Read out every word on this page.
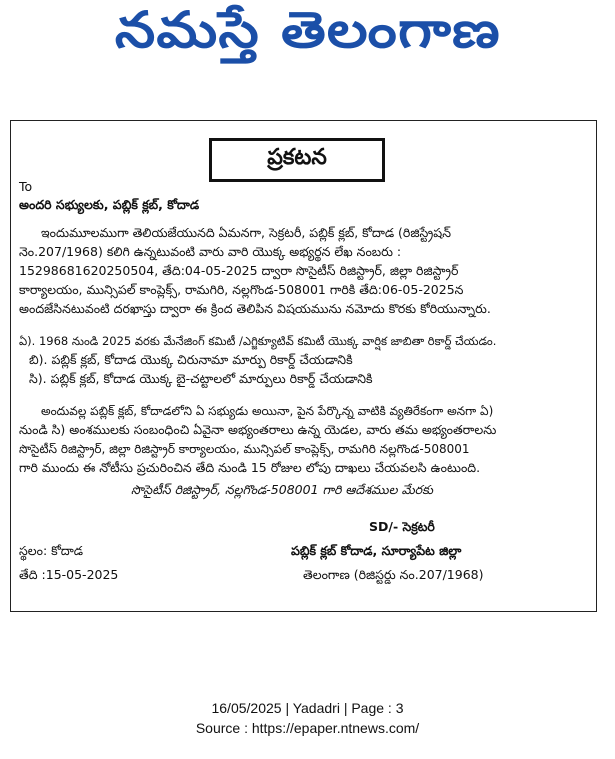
నమస్తే తెలంగాణ
ప్రకటన
To
అందరి సభ్యులకు, పబ్లిక్ క్లబ్, కోదాడ
ఇందుమూలముగా తెలియజేయునది ఏమనగా, సెక్రటరీ, పబ్లిక్ క్లబ్, కోదాడ (రిజిస్ట్రేషన్
నెం.207/1968) కలిగి ఉన్నటువంటి వారు వారి యొక్క అభ్యర్థన లేఖ నంబరు :
15298681620250504, తేది:04-05-2025 ద్వారా సొసైటీస్ రిజిస్ట్రార్, జిల్లా రిజిస్ట్రార్
కార్యాలయం, మున్సిపల్ కాంప్లెక్స్, రామగిరి, నల్లగొండ-508001 గారికి తేది:06-05-2025న
అందజేసినటువంటి దరఖాస్తు ద్వారా ఈ క్రింద తెలిపిన విషయమును నమోదు కొరకు కోరియున్నారు.
ఏ). 1968 నుండి 2025 వరకు మేనేజింగ్ కమిటీ /ఎగ్జిక్యూటివ్ కమిటీ యొక్క వార్షిక జాబితా రికార్డ్ చేయడం.
బి). పబ్లిక్ క్లబ్, కోదాడ యొక్క చిరునామా మార్పు రికార్డ్ చేయడానికి
సి). పబ్లిక్ క్లబ్, కోదాడ యొక్క బై-చట్టాలలో మార్పులు రికార్డ్ చేయడానికి
అందువల్ల పబ్లిక్ క్లబ్, కోదాడలోని ఏ సభ్యుడు అయినా, పైన పేర్కొన్న వాటికి వ్యతిరేకంగా అనగా ఏ)
నుండి సి) అంశములకు సంబంధించి ఏవైనా అభ్యంతరాలు ఉన్న యెడల, వారు తమ అభ్యంతరాలను
సొసైటీస్ రిజిస్ట్రార్, జిల్లా రిజిస్ట్రార్ కార్యాలయం, మున్సిపల్ కాంప్లెక్స్, రామగిరి నల్లగొండ-508001
గారి ముందు ఈ నోటీసు ప్రచురించిన తేది నుండి 15 రోజుల లోపు దాఖలు చేయవలసి ఉంటుంది.
సొసైటీస్ రిజిస్ట్రార్, నల్లగొండ-508001 గారి ఆదేశముల మేరకు
SD/- సెక్రటరీ
స్థలం: కోదాడ	పబ్లిక్ క్లబ్ కోదాడ, సూర్యాపేట జిల్లా
తేది :15-05-2025	తెలంగాణ (రిజిస్టర్డు నం.207/1968)
16/05/2025 | Yadadri | Page : 3
Source : https://epaper.ntnews.com/
